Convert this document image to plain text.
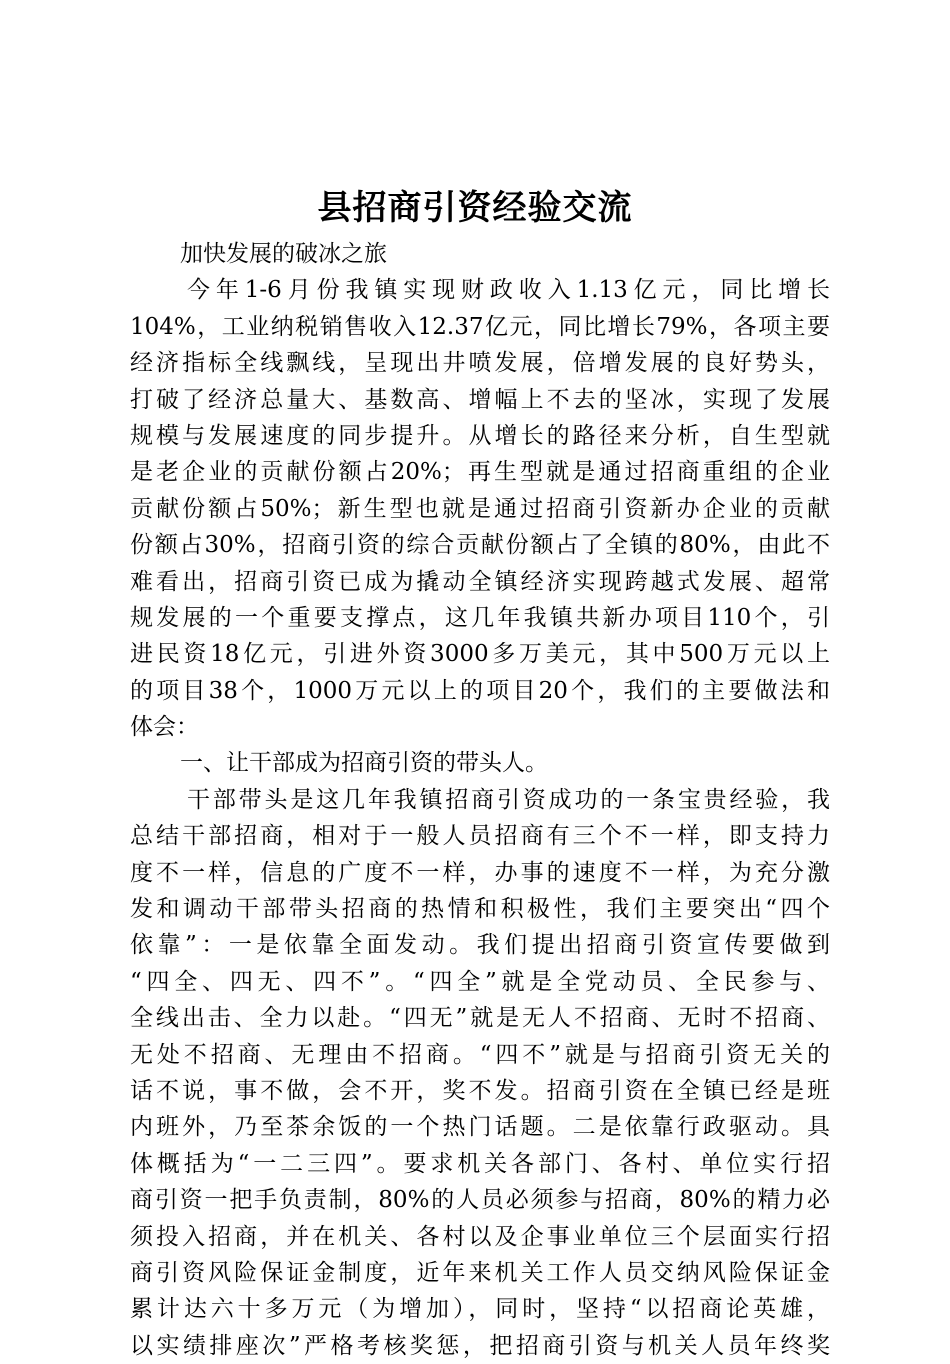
县招商引资经验交流
加快发展的破冰之旅
今年1-6月份我镇实现财政收入1.13亿元，同比增长
104%，工业纳税销售收入12.37亿元，同比增长79%，各项主要
经济指标全线飘线，呈现出井喷发展，倍增发展的良好势头，
打破了经济总量大、基数高、增幅上不去的坚冰，实现了发展
规模与发展速度的同步提升。从增长的路径来分析，自生型就
是老企业的贡献份额占20%；再生型就是通过招商重组的企业
贡献份额占50%；新生型也就是通过招商引资新办企业的贡献
份额占30%，招商引资的综合贡献份额占了全镇的80%，由此不
难看出，招商引资已成为撬动全镇经济实现跨越式发展、超常
规发展的一个重要支撑点，这几年我镇共新办项目110个，引
进民资18亿元，引进外资3000多万美元，其中500万元以上
的项目38个，1000万元以上的项目20个，我们的主要做法和
体会：
一、让干部成为招商引资的带头人。
干部带头是这几年我镇招商引资成功的一条宝贵经验，我
总结干部招商，相对于一般人员招商有三个不一样，即支持力
度不一样，信息的广度不一样，办事的速度不一样，为充分激
发和调动干部带头招商的热情和积极性，我们主要突出“四个
依靠”：一是依靠全面发动。我们提出招商引资宣传要做到
“四全、四无、四不”。“四全”就是全党动员、全民参与、
全线出击、全力以赴。“四无”就是无人不招商、无时不招商、
无处不招商、无理由不招商。“四不”就是与招商引资无关的
话不说，事不做，会不开，奖不发。招商引资在全镇已经是班
内班外，乃至茶余饭的一个热门话题。二是依靠行政驱动。具
体概括为“一二三四”。要求机关各部门、各村、单位实行招
商引资一把手负责制，80%的人员必须参与招商，80%的精力必
须投入招商，并在机关、各村以及企事业单位三个层面实行招
商引资风险保证金制度，近年来机关工作人员交纳风险保证金
累计达六十多万元（为增加），同时，坚持“以招商论英雄，
以实绩排座次”严格考核奖惩，把招商引资与机关人员年终奖
